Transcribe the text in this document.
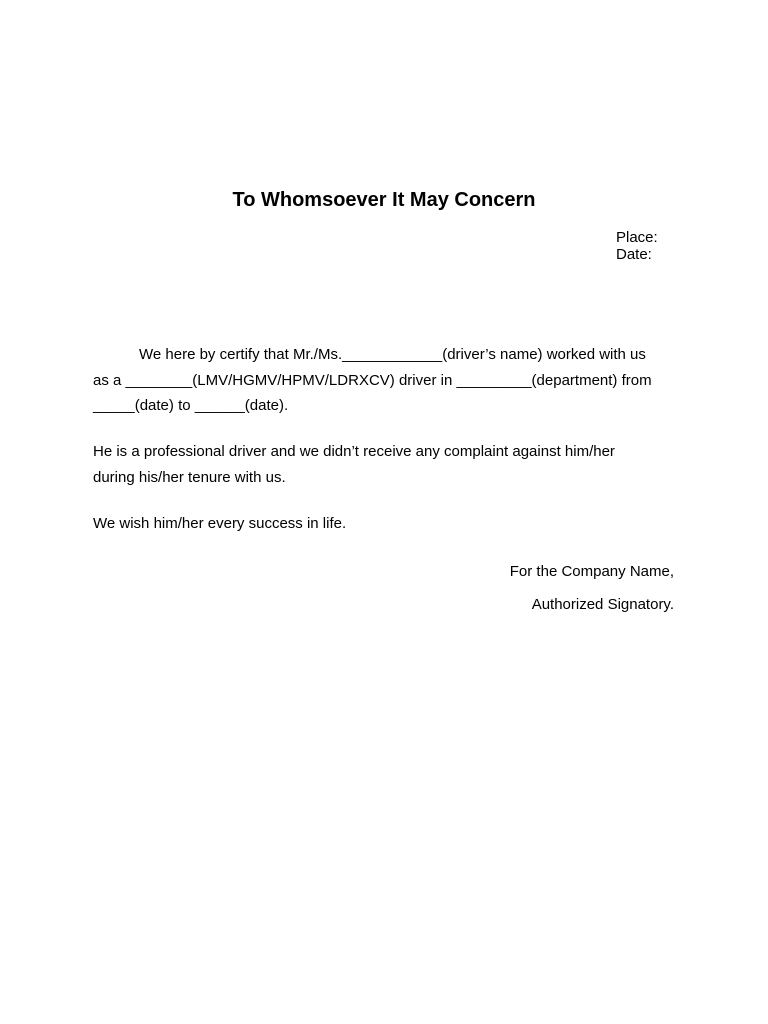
To Whomsoever It May Concern
Place:
Date:
We here by certify that Mr./Ms.____________(driver’s name) worked with us
as a ________(LMV/HGMV/HPMV/LDRXCV) driver in _________(department) from
_____(date) to ______(date).
He is a professional driver and we didn’t receive any complaint against him/her
during his/her tenure with us.
We wish him/her every success in life.
For the Company Name,
Authorized Signatory.
